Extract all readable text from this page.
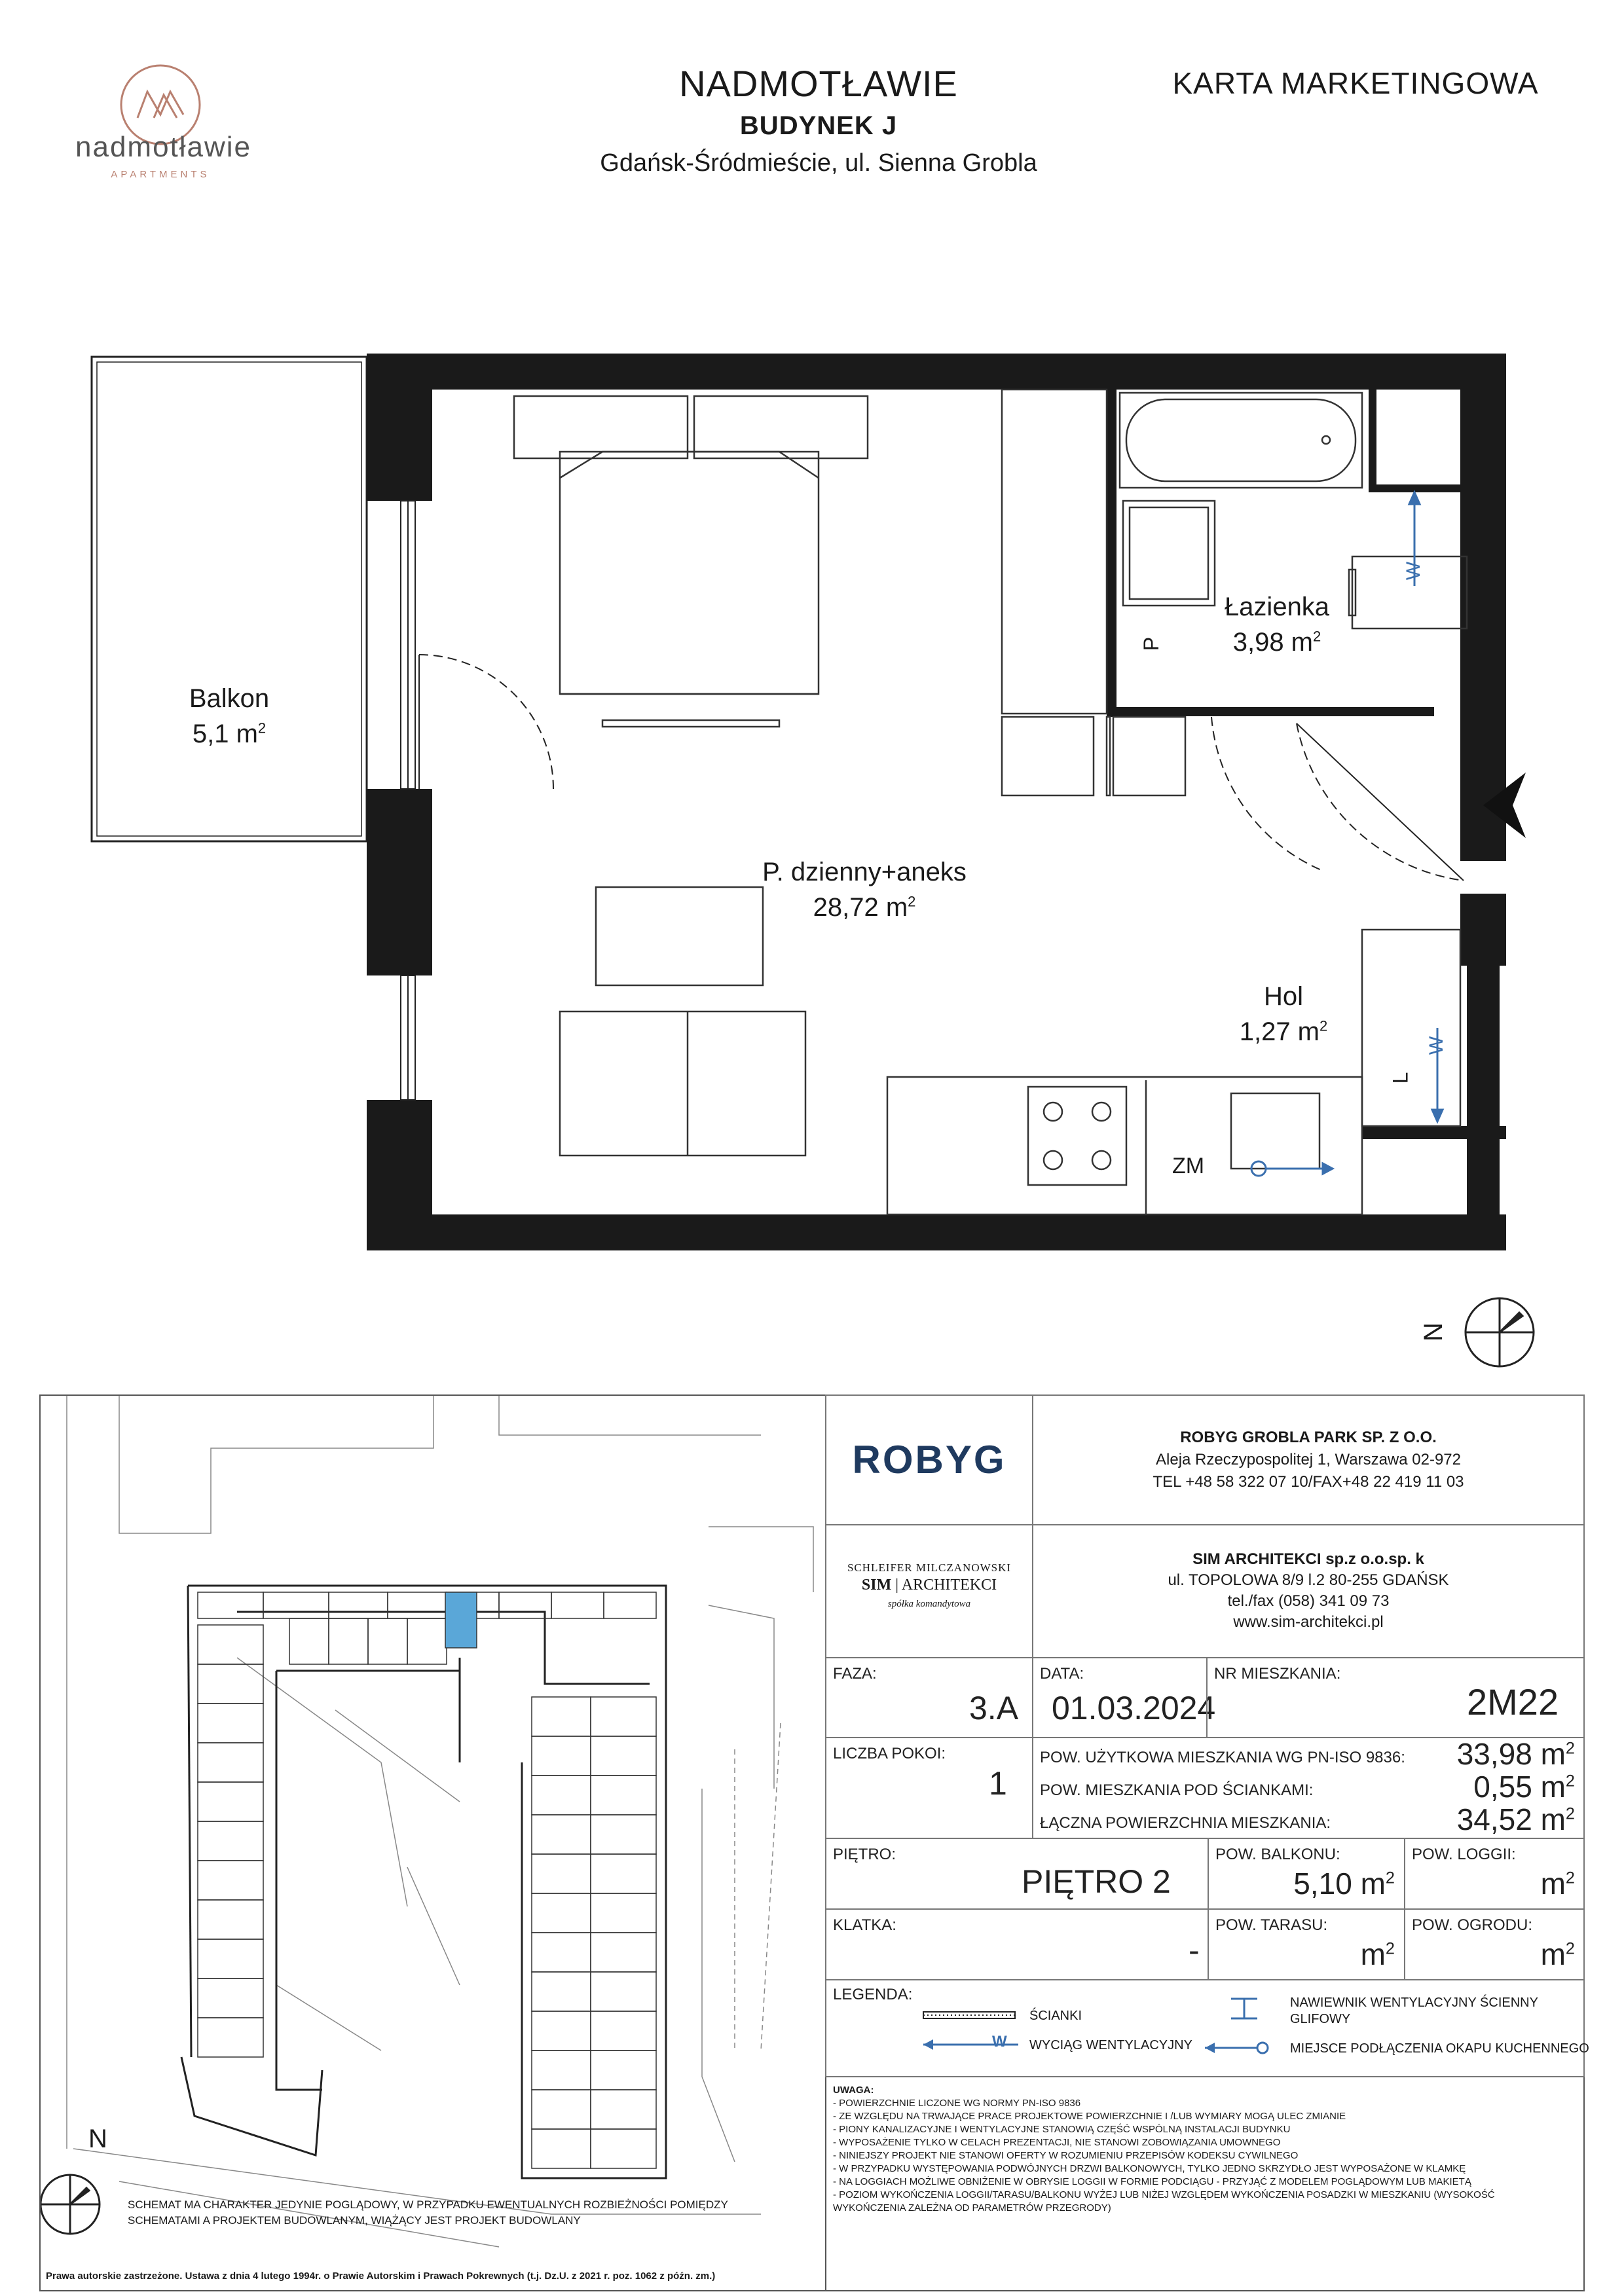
nadmotławie
APARTMENTS
NADMOTŁAWIE
BUDYNEK J
Gdańsk-Śródmieście, ul. Sienna Grobla
KARTA MARKETINGOWA
Balkon
5,1 $m^2$
P. dzienny+aneks
28,72 $m^2$
Łazienka
3,98 $m^2$
Hol
1,27 $m^2$
P
L
W
W
ZM
N
N
ROBYG
ROBYG GROBLA PARK SP. Z O.O.
Aleja Rzeczypospolitej 1, Warszawa 02-972
TEL +48 58 322 07 10/FAX+48 22 419 11 03
SCHLEIFER MILCZANOWSKI
SIM | ARCHITEKCI
spółka komandytowa
SIM ARCHITEKCI sp.z o.o.sp. k
ul. TOPOLOWA 8/9 l.2 80-255 GDAŃSK
tel./fax (058) 341 09 73
www.sim-architekci.pl
FAZA:
3.A
DATA:
01.03.2024
NR MIESZKANIA:
2M22
LICZBA POKOI:
1
POW. UŻYTKOWA MIESZKANIA WG PN-ISO 9836:
POW. MIESZKANIA POD ŚCIANKAMI:
ŁĄCZNA POWIERZCHNIA MIESZKANIA:
33,98 $m^2$
0,55 $m^2$
34,52 $m^2$
PIĘTRO:
PIĘTRO 2
POW. BALKONU:
5,10 $m^2$
POW. LOGGII:
$m^2$
KLATKA:
-
POW. TARASU:
$m^2$
POW. OGRODU:
$m^2$
LEGENDA:
W
ŚCIANKI
WYCIĄG WENTYLACYJNY
NAWIEWNIK WENTYLACYJNY ŚCIENNY
GLIFOWY
MIEJSCE PODŁĄCZENIA OKAPU KUCHENNEGO
UWAGA:
- POWIERZCHNIE LICZONE WG NORMY PN-ISO 9836
- ZE WZGLĘDU NA TRWAJĄCE PRACE PROJEKTOWE POWIERZCHNIE I /LUB WYMIARY MOGĄ ULEC ZMIANIE
- PIONY KANALIZACYJNE I WENTYLACYJNE STANOWIĄ CZĘŚĆ WSPÓLNĄ INSTALACJI BUDYNKU
- WYPOSAŻENIE TYLKO W CELACH PREZENTACJI, NIE STANOWI ZOBOWIĄZANIA UMOWNEGO
- NINIEJSZY PROJEKT NIE STANOWI OFERTY W ROZUMIENIU PRZEPISÓW KODEKSU CYWILNEGO
- W PRZYPADKU WYSTĘPOWANIA PODWÓJNYCH DRZWI BALKONOWYCH, TYLKO JEDNO SKRZYDŁO JEST WYPOSAŻONE W KLAMKĘ
- NA LOGGIACH MOŻLIWE OBNIŻENIE W OBRYSIE LOGGII W FORMIE PODCIĄGU - PRZYJĄĆ Z MODELEM POGLĄDOWYM LUB MAKIETĄ
- POZIOM WYKOŃCZENIA LOGGII/TARASU/BALKONU WYŻEJ LUB NIŻEJ WZGLĘDEM WYKOŃCZENIA POSADZKI W MIESZKANIU (WYSOKOŚĆ
WYKOŃCZENIA ZALEŻNA OD PARAMETRÓW PRZEGRODY)
SCHEMAT MA CHARAKTER JEDYNIE POGLĄDOWY, W PRZYPADKU EWENTUALNYCH ROZBIEŻNOŚCI POMIĘDZY
SCHEMATAMI A PROJEKTEM BUDOWLANYM, WIĄŻĄCY JEST PROJEKT BUDOWLANY
Prawa autorskie zastrzeżone. Ustawa z dnia 4 lutego 1994r. o Prawie Autorskim i Prawach Pokrewnych (t.j. Dz.U. z 2021 r. poz. 1062 z późn. zm.)
